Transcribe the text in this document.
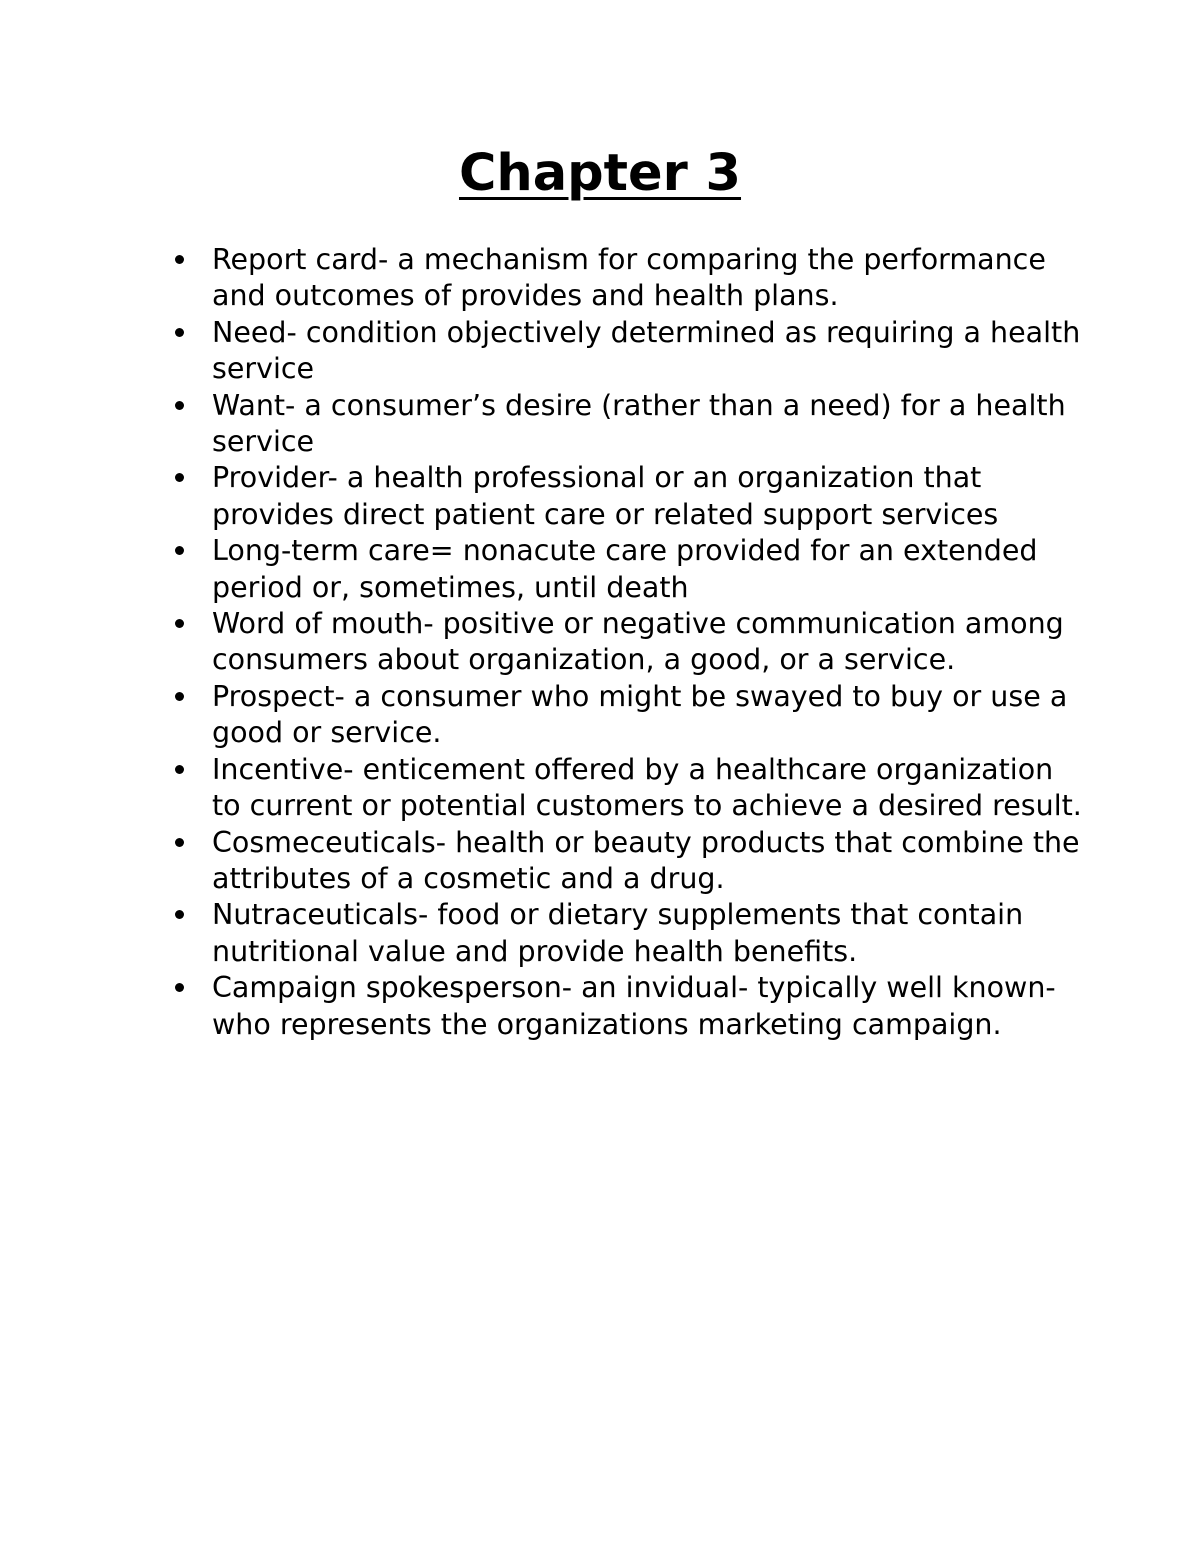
Chapter 3
Report card- a mechanism for comparing the performance and outcomes of provides and health plans.
Need- condition objectively determined as requiring a health service
Want- a consumer’s desire (rather than a need) for a health service
Provider- a health professional or an organization that provides direct patient care or related support services
Long-term care= nonacute care provided for an extended period or, sometimes, until death
Word of mouth- positive or negative communication among consumers about organization, a good, or a service.
Prospect- a consumer who might be swayed to buy or use a good or service.
Incentive- enticement offered by a healthcare organization to current or potential customers to achieve a desired result.
Cosmeceuticals- health or beauty products that combine the attributes of a cosmetic and a drug.
Nutraceuticals- food or dietary supplements that contain nutritional value and provide health benefits.
Campaign spokesperson- an invidual- typically well known- who represents the organizations marketing campaign.
